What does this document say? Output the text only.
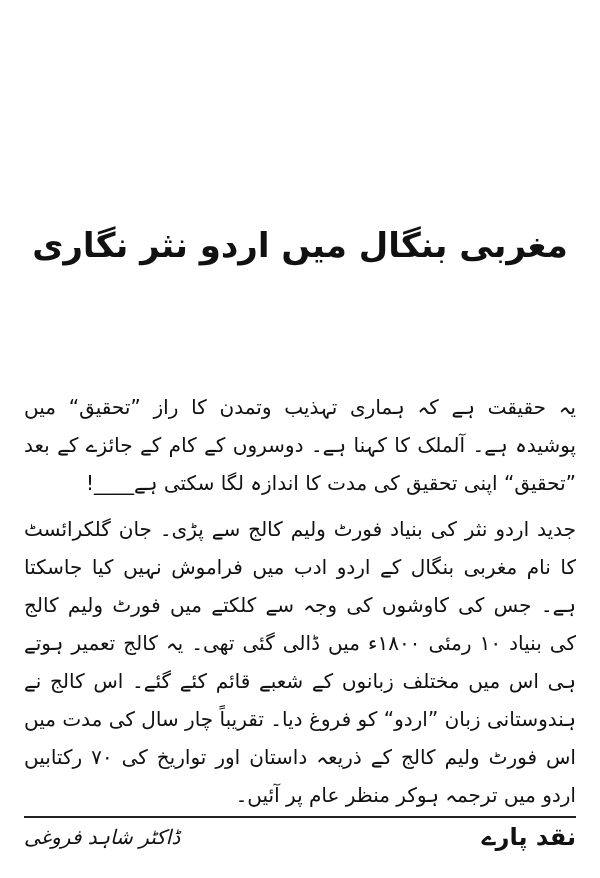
مغربی بنگال میں اردو نثر نگاری

یہ حقیقت ہے کہ ہماری تہذیب وتمدن کا راز ”تحقیق“ میں پوشیدہ ہے۔ آلملک کا کہنا ہے۔ دوسروں کے کام کے جائزے کے بعد ”تحقیق“ اپنی تحقیق کی مدت کا اندازہ لگا سکتی ہے____!

جدید اردو نثر کی بنیاد فورٹ ولیم کالج سے پڑی۔ جان گلکرائسٹ کا نام مغربی بنگال کے اردو ادب میں فراموش نہیں کیا جاسکتا ہے۔ جس کی کاوشوں کی وجہ سے کلکتے میں فورٹ ولیم کالج کی بنیاد ۱۰ رمئی ۱۸۰۰ء میں ڈالی گئی تھی۔ یہ کالج تعمیر ہوتے ہی اس میں مختلف زبانوں کے شعبے قائم کئے گئے۔ اس کالج نے ہندوستانی زبان ”اردو“ کو فروغ دیا۔ تقریباً چار سال کی مدت میں اس فورٹ ولیم کالج کے ذریعہ داستان اور تواریخ کی ۷۰ رکتابیں اردو میں ترجمہ ہوکر منظر عام پر آئیں۔

ڈاکٹر شاہد فروغی	نقد پارے
